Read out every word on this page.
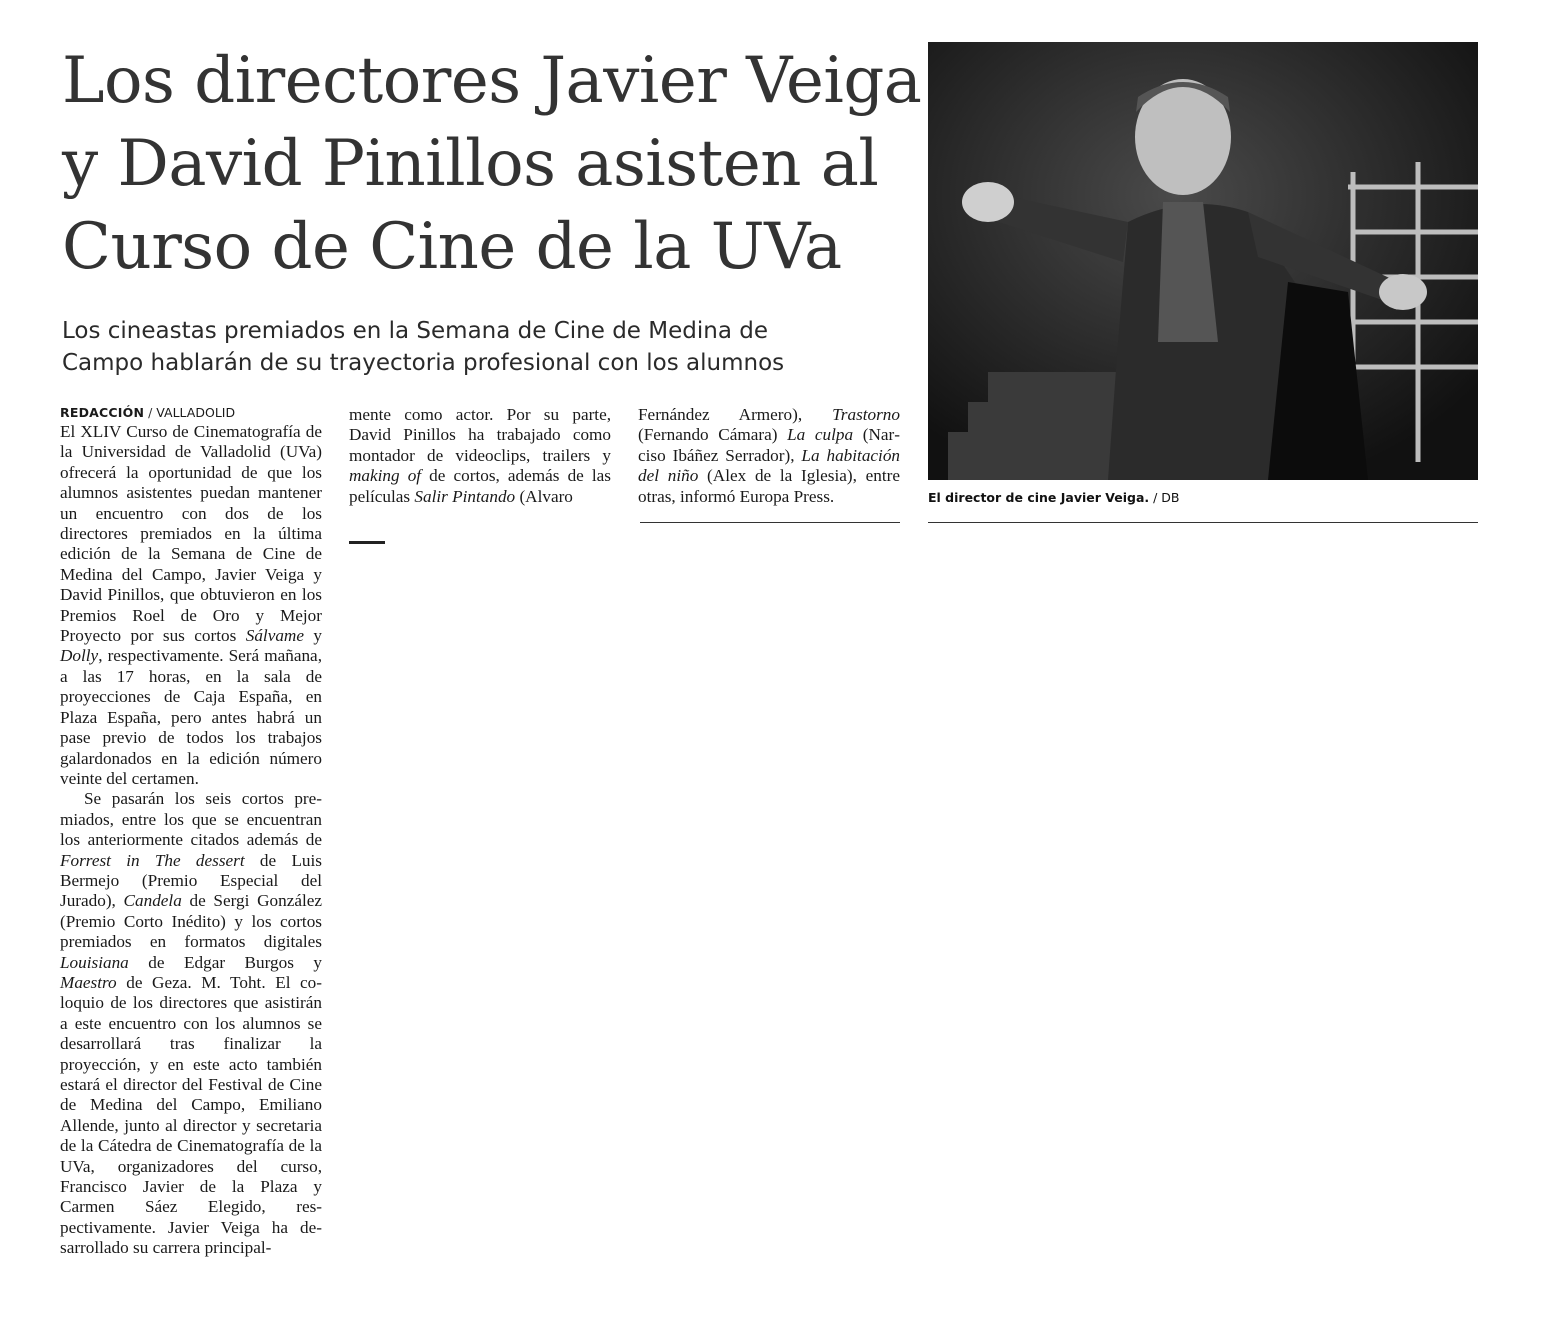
Los directores Javier Veiga
y David Pinillos asisten al
Curso de Cine de la UVa
Los cineastas premiados en la Semana de Cine de Medina de
Campo hablarán de su trayectoria profesional con los alumnos
REDACCIÓN / VALLADOLID

El XLIV Curso de Cinematografía de la Universidad de Valladolid (UVa) ofrecerá la oportunidad de que los alumnos asistentes puedan mantener un encuentro con dos de los directores premiados en la última edición de la Semana de Cine de Medina del Campo, Javier Veiga y David Pinillos, que obtuvieron en los Premios Roel de Oro y Mejor Proyecto por sus cortos Sálvame y Dolly, respectivamente. Será mañana, a las 17 horas, en la sala de proyecciones de Caja España, en Plaza España, pero antes habrá un pase previo de todos los trabajos galardonados en la edición número veinte del certamen.

Se pasarán los seis cortos premiados, entre los que se encuentran los anteriormente citados además de Forrest in The dessert de Luis Bermejo (Premio Especial del Jurado), Candela de Sergi González (Premio Corto Inédito) y los cortos premiados en formatos digitales Louisiana de Edgar Burgos y Maestro de Geza. M. Toht. El coloquio de los directores que asistirán a este encuentro con los alumnos se desarrollará tras finalizar la proyección, y en este acto también estará el director del Festival de Cine de Medina del Campo, Emiliano Allende, junto al director y secretaria de la Cátedra de Cinematografía de la UVa, organizadores del curso, Francisco Javier de la Plaza y Carmen Sáez Elegido, respectivamente. Javier Veiga ha desarrollado su carrera principal-

mente como actor. Por su parte, David Pinillos ha trabajado como montador de videoclips, trailers y making of de cortos, además de las películas Salir Pintando (Alvaro

Fernández Armero), Trastorno (Fernando Cámara) La culpa (Narciso Ibáñez Serrador), La habitación del niño (Alex de la Iglesia), entre otras, informó Europa Press.	El director de cine Javier Veiga. / DB
